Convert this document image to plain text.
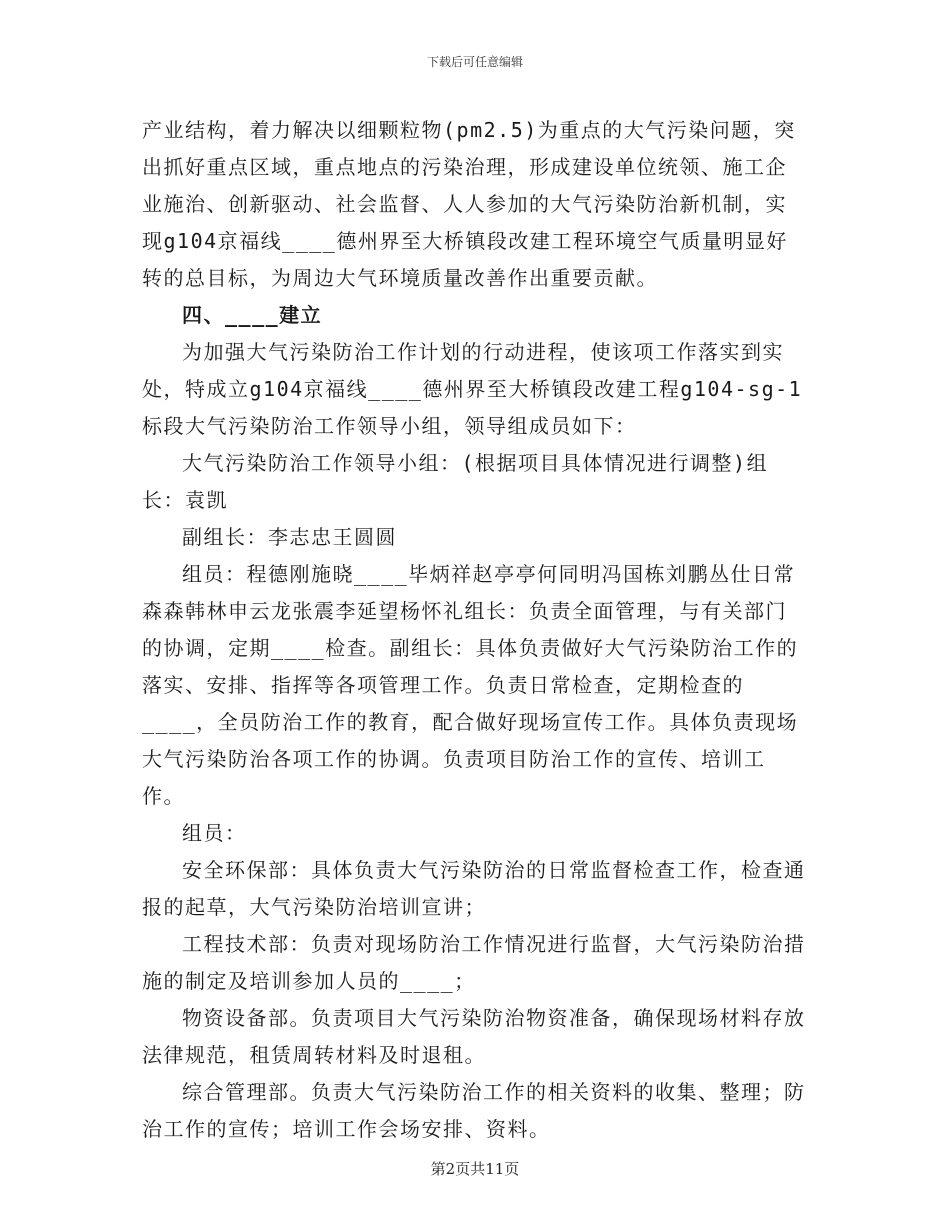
下载后可任意编辑

产业结构，着力解决以细颗粒物(pm2.5)为重点的大气污染问题，突出抓好重点区域，重点地点的污染治理，形成建设单位统领、施工企业施治、创新驱动、社会监督、人人参加的大气污染防治新机制，实现g104京福线____德州界至大桥镇段改建工程环境空气质量明显好转的总目标，为周边大气环境质量改善作出重要贡献。

四、____建立

为加强大气污染防治工作计划的行动进程，使该项工作落实到实处，特成立g104京福线____德州界至大桥镇段改建工程g104-sg-1标段大气污染防治工作领导小组，领导组成员如下：

大气污染防治工作领导小组：(根据项目具体情况进行调整)组长：袁凯

副组长：李志忠王圆圆

组员：程德刚施晓____毕炳祥赵亭亭何同明冯国栋刘鹏丛仕日常森森韩林申云龙张震李延望杨怀礼组长：负责全面管理，与有关部门的协调，定期____检查。副组长：具体负责做好大气污染防治工作的落实、安排、指挥等各项管理工作。负责日常检查，定期检查的____，全员防治工作的教育，配合做好现场宣传工作。具体负责现场大气污染防治各项工作的协调。负责项目防治工作的宣传、培训工作。

组员：

安全环保部：具体负责大气污染防治的日常监督检查工作，检查通报的起草，大气污染防治培训宣讲；

工程技术部：负责对现场防治工作情况进行监督，大气污染防治措施的制定及培训参加人员的____；

物资设备部。负责项目大气污染防治物资准备，确保现场材料存放法律规范，租赁周转材料及时退租。

综合管理部。负责大气污染防治工作的相关资料的收集、整理；防治工作的宣传；培训工作会场安排、资料。

第2页共11页
